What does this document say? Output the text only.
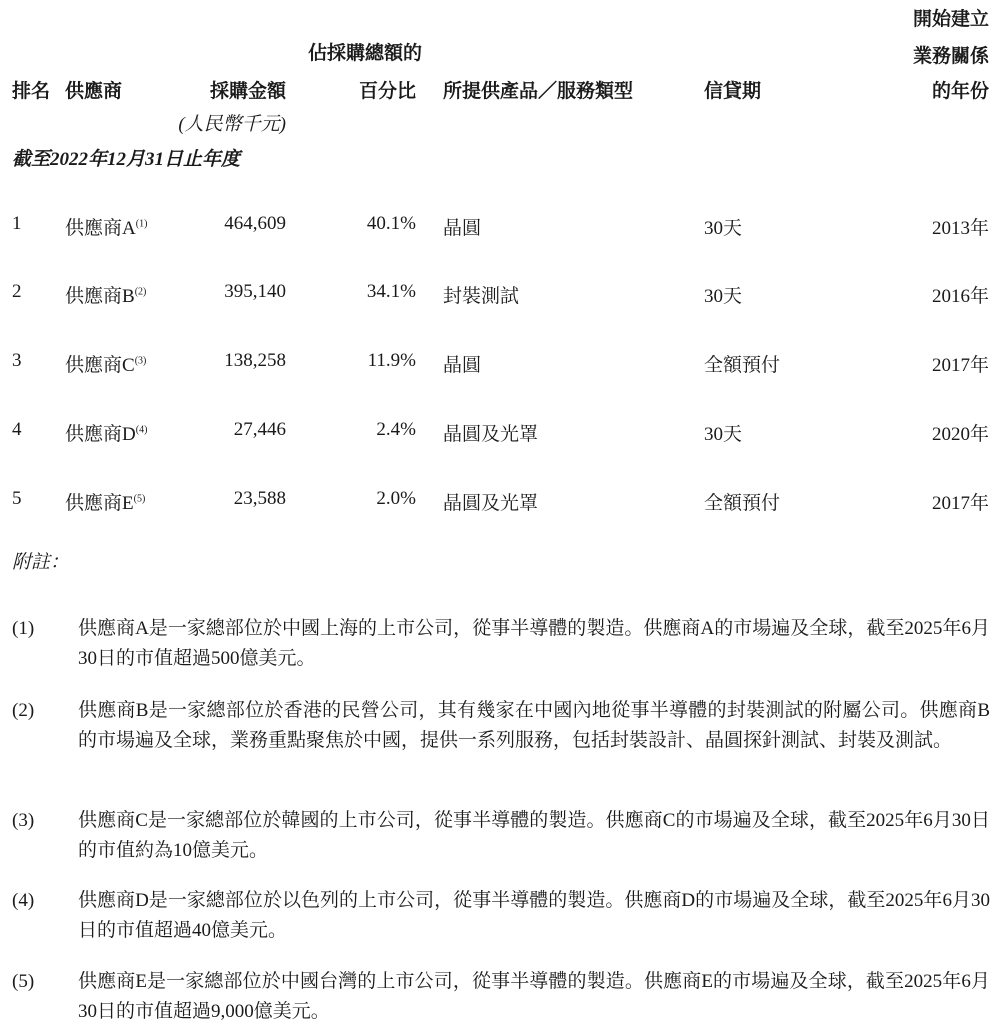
開始建立
佔採購總額的	業務關係
排名 供應商	採購金額	百分比 所提供產品／服務類型	信貸期	的年份
(人民幣千元)
截至2022年12月31日止年度
1 供應商$A^{(1)}$	464,609	40.1% 晶圓	30天	2013年
2 供應商$B^{(2)}$	395,140	34.1% 封裝測試	30天	2016年
3 供應商$C^{(3)}$	138,258	11.9% 晶圓	全額預付	2017年
4 供應商$D^{(4)}$	27,446	2.4% 晶圓及光罩	30天	2020年
5 供應商$E^{(5)}$	23,588	2.0% 晶圓及光罩	全額預付	2017年
附註：
(1) 供應商A是一家總部位於中國上海的上市公司，從事半導體的製造。供應商A的市場遍及全球，截至2025年6月30日的市值超過500億美元。
(2) 供應商B是一家總部位於香港的民營公司，其有幾家在中國內地從事半導體的封裝測試的附屬公司。供應商B的市場遍及全球，業務重點聚焦於中國，提供一系列服務，包括封裝設計、晶圓探針測試、封裝及測試。
(3) 供應商C是一家總部位於韓國的上市公司，從事半導體的製造。供應商C的市場遍及全球，截至2025年6月30日的市值約為10億美元。
(4) 供應商D是一家總部位於以色列的上市公司，從事半導體的製造。供應商D的市場遍及全球，截至2025年6月30日的市值超過40億美元。
(5) 供應商E是一家總部位於中國台灣的上市公司，從事半導體的製造。供應商E的市場遍及全球，截至2025年6月30日的市值超過9,000億美元。
